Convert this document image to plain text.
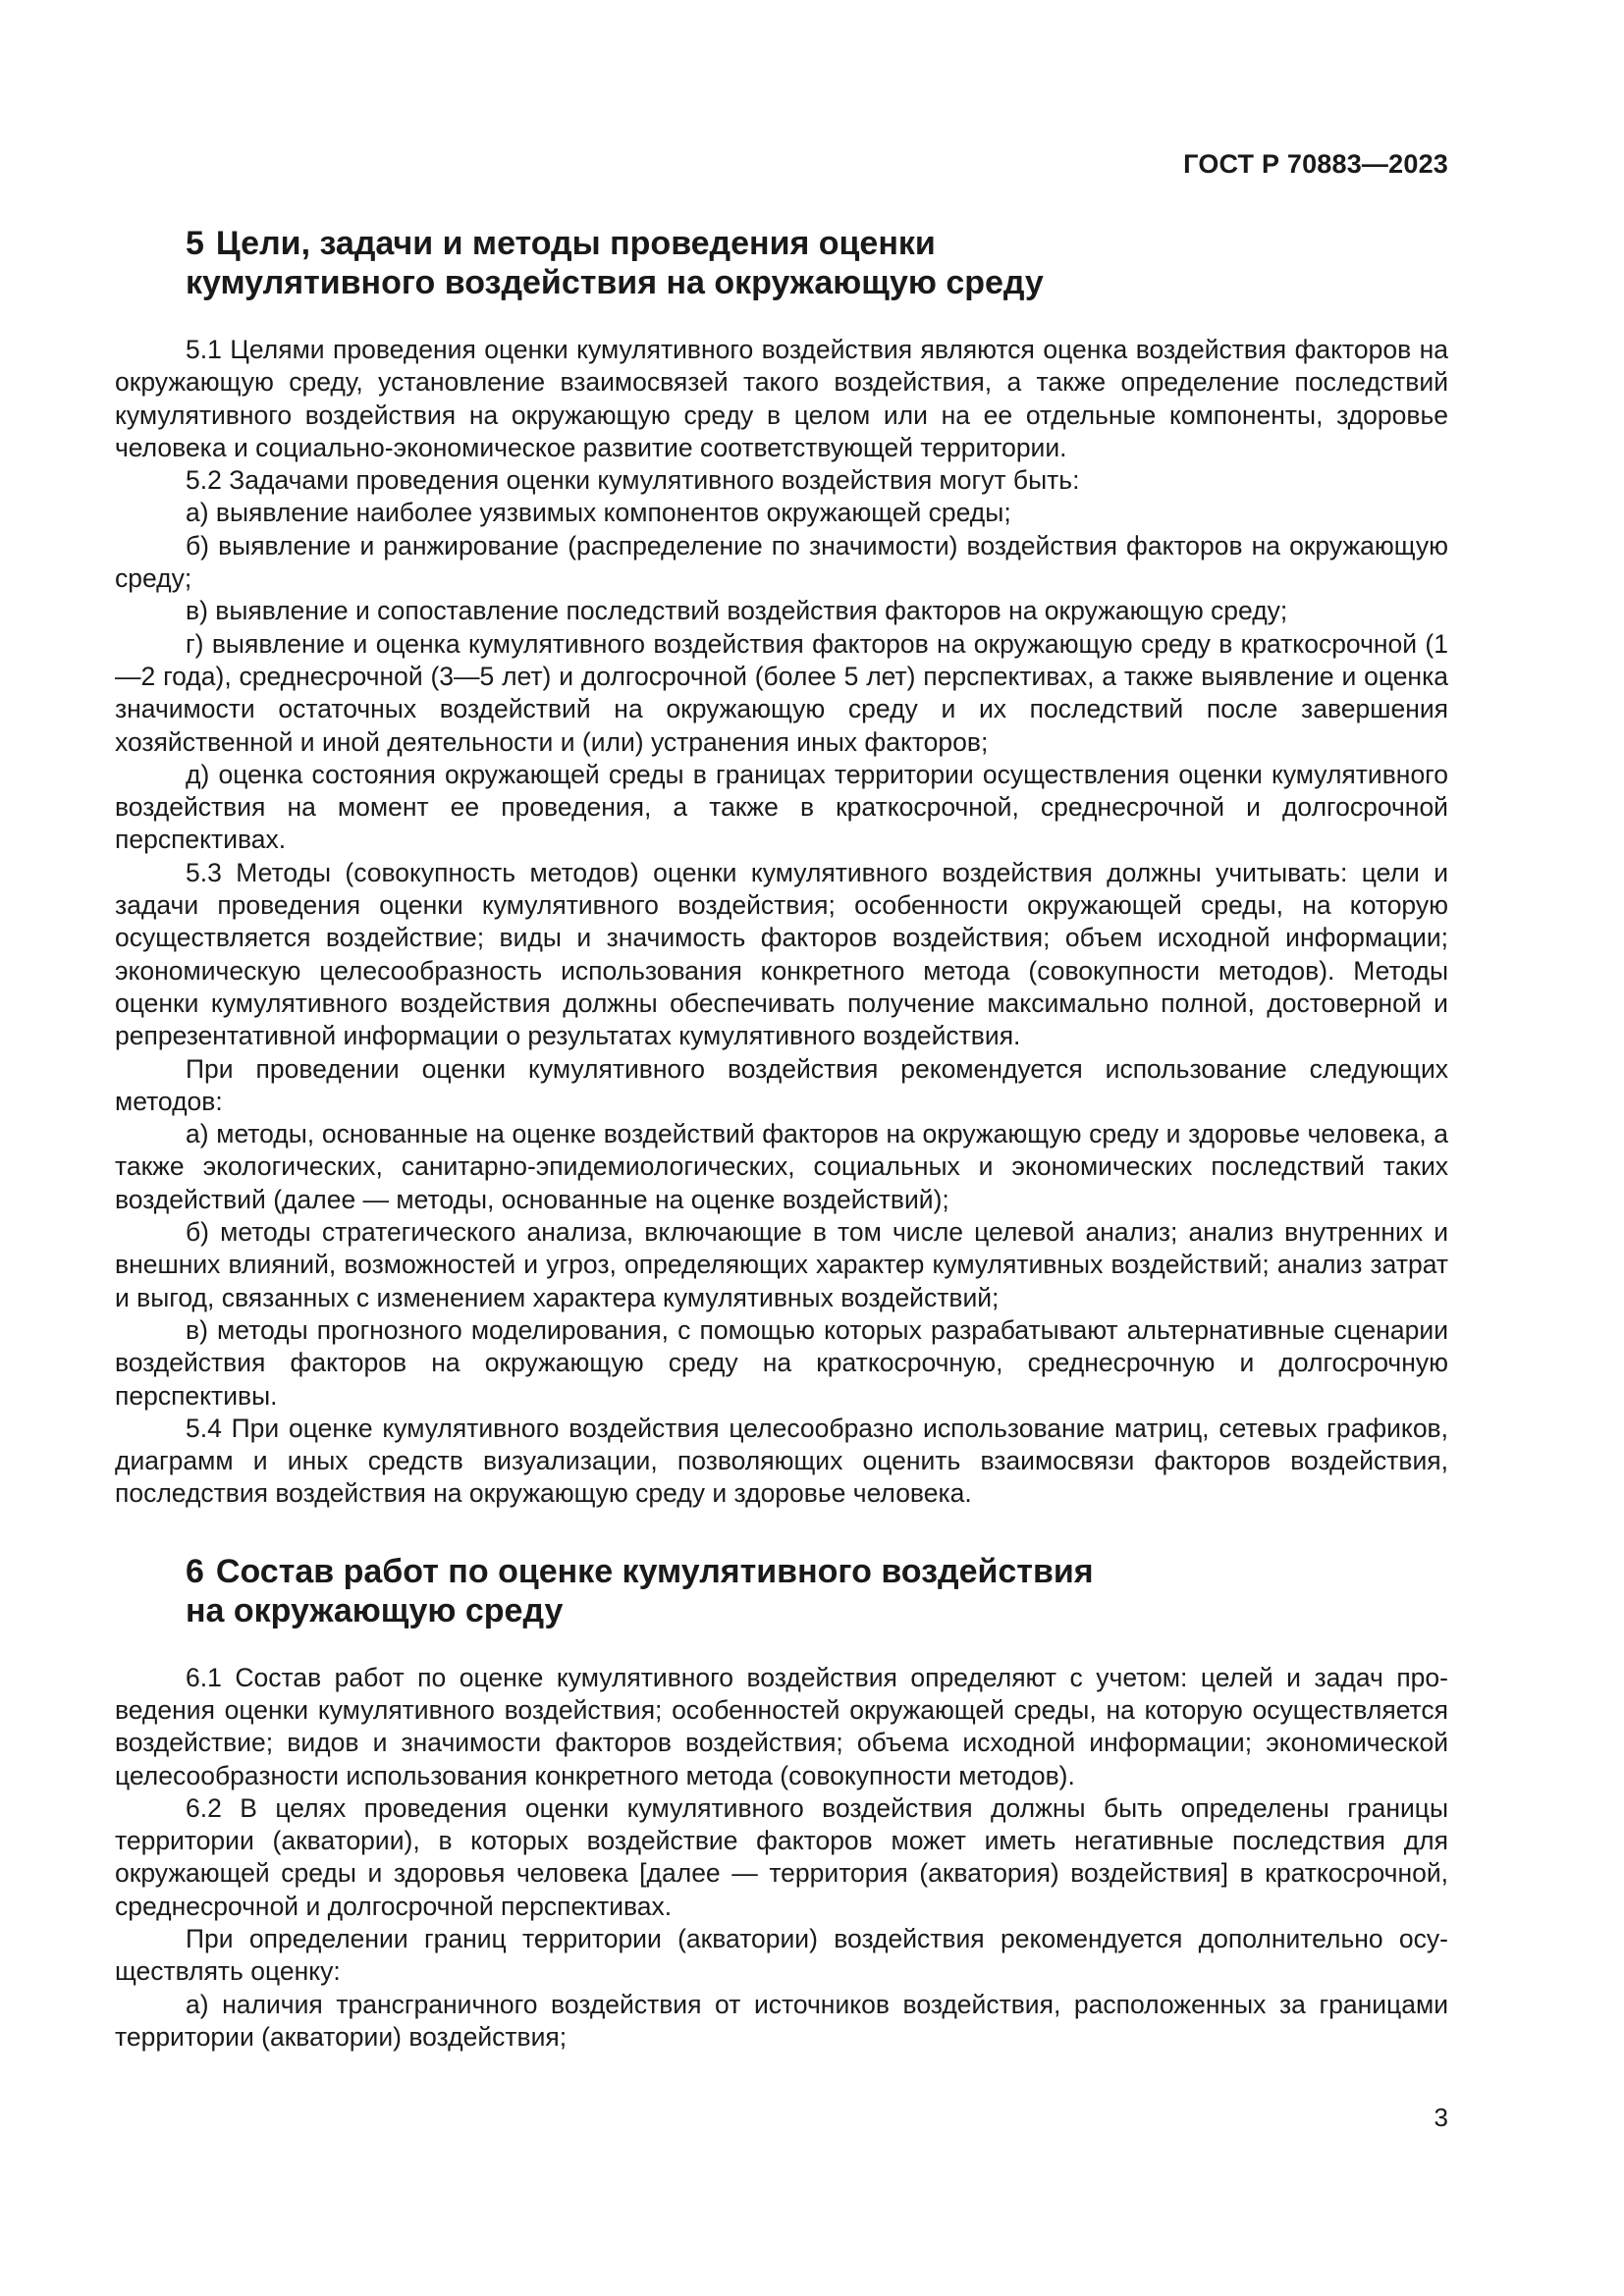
ГОСТ Р 70883—2023
5 Цели, задачи и методы проведения оценки
кумулятивного воздействия на окружающую среду

5.1 Целями проведения оценки кумулятивного воздействия являются оценка воздействия факторов на окружающую среду, установление взаимосвязей такого воздействия, а также определение последствий кумулятивного воздействия на окружающую среду в целом или на ее отдельные компоненты, здоровье человека и социально-экономическое развитие соответствующей территории.

5.2 Задачами проведения оценки кумулятивного воздействия могут быть:

а) выявление наиболее уязвимых компонентов окружающей среды;

б) выявление и ранжирование (распределение по значимости) воздействия факторов на окружающую среду;

в) выявление и сопоставление последствий воздействия факторов на окружающую среду;

г) выявление и оценка кумулятивного воздействия факторов на окружающую среду в краткосрочной (1—2 года), среднесрочной (3—5 лет) и долгосрочной (более 5 лет) перспективах, а также выявление и оценка значимости остаточных воздействий на окружающую среду и их последствий после завершения хозяйственной и иной деятельности и (или) устранения иных факторов;

д) оценка состояния окружающей среды в границах территории осуществления оценки кумулятивного воздействия на момент ее проведения, а также в краткосрочной, среднесрочной и долгосрочной перспективах.

5.3 Методы (совокупность методов) оценки кумулятивного воздействия должны учитывать: цели и задачи проведения оценки кумулятивного воздействия; особенности окружающей среды, на которую осуществляется воздействие; виды и значимость факторов воздействия; объем исходной информации; экономическую целесообразность использования конкретного метода (совокупности методов). Методы оценки кумулятивного воздействия должны обеспечивать получение максимально полной, достоверной и репрезентативной информации о результатах кумулятивного воздействия.

При проведении оценки кумулятивного воздействия рекомендуется использование следующих методов:

а) методы, основанные на оценке воздействий факторов на окружающую среду и здоровье человека, а также экологических, санитарно-эпидемиологических, социальных и экономических последствий таких воздействий (далее — методы, основанные на оценке воздействий);

б) методы стратегического анализа, включающие в том числе целевой анализ; анализ внутренних и внешних влияний, возможностей и угроз, определяющих характер кумулятивных воздействий; анализ затрат и выгод, связанных с изменением характера кумулятивных воздействий;

в) методы прогнозного моделирования, с помощью которых разрабатывают альтернативные сценарии воздействия факторов на окружающую среду на краткосрочную, среднесрочную и долгосрочную перспективы.

5.4 При оценке кумулятивного воздействия целесообразно использование матриц, сетевых графиков, диаграмм и иных средств визуализации, позволяющих оценить взаимосвязи факторов воздействия, последствия воздействия на окружающую среду и здоровье человека.

6 Состав работ по оценке кумулятивного воздействия
на окружающую среду

6.1 Состав работ по оценке кумулятивного воздействия определяют с учетом: целей и задач проведения оценки кумулятивного воздействия; особенностей окружающей среды, на которую осуществляется воздействие; видов и значимости факторов воздействия; объема исходной информации; экономической целесообразности использования конкретного метода (совокупности методов).

6.2 В целях проведения оценки кумулятивного воздействия должны быть определены границы территории (акватории), в которых воздействие факторов может иметь негативные последствия для окружающей среды и здоровья человека [далее — территория (акватория) воздействия] в краткосрочной, среднесрочной и долгосрочной перспективах.

При определении границ территории (акватории) воздействия рекомендуется дополнительно осуществлять оценку:

а) наличия трансграничного воздействия от источников воздействия, расположенных за границами территории (акватории) воздействия;

3
